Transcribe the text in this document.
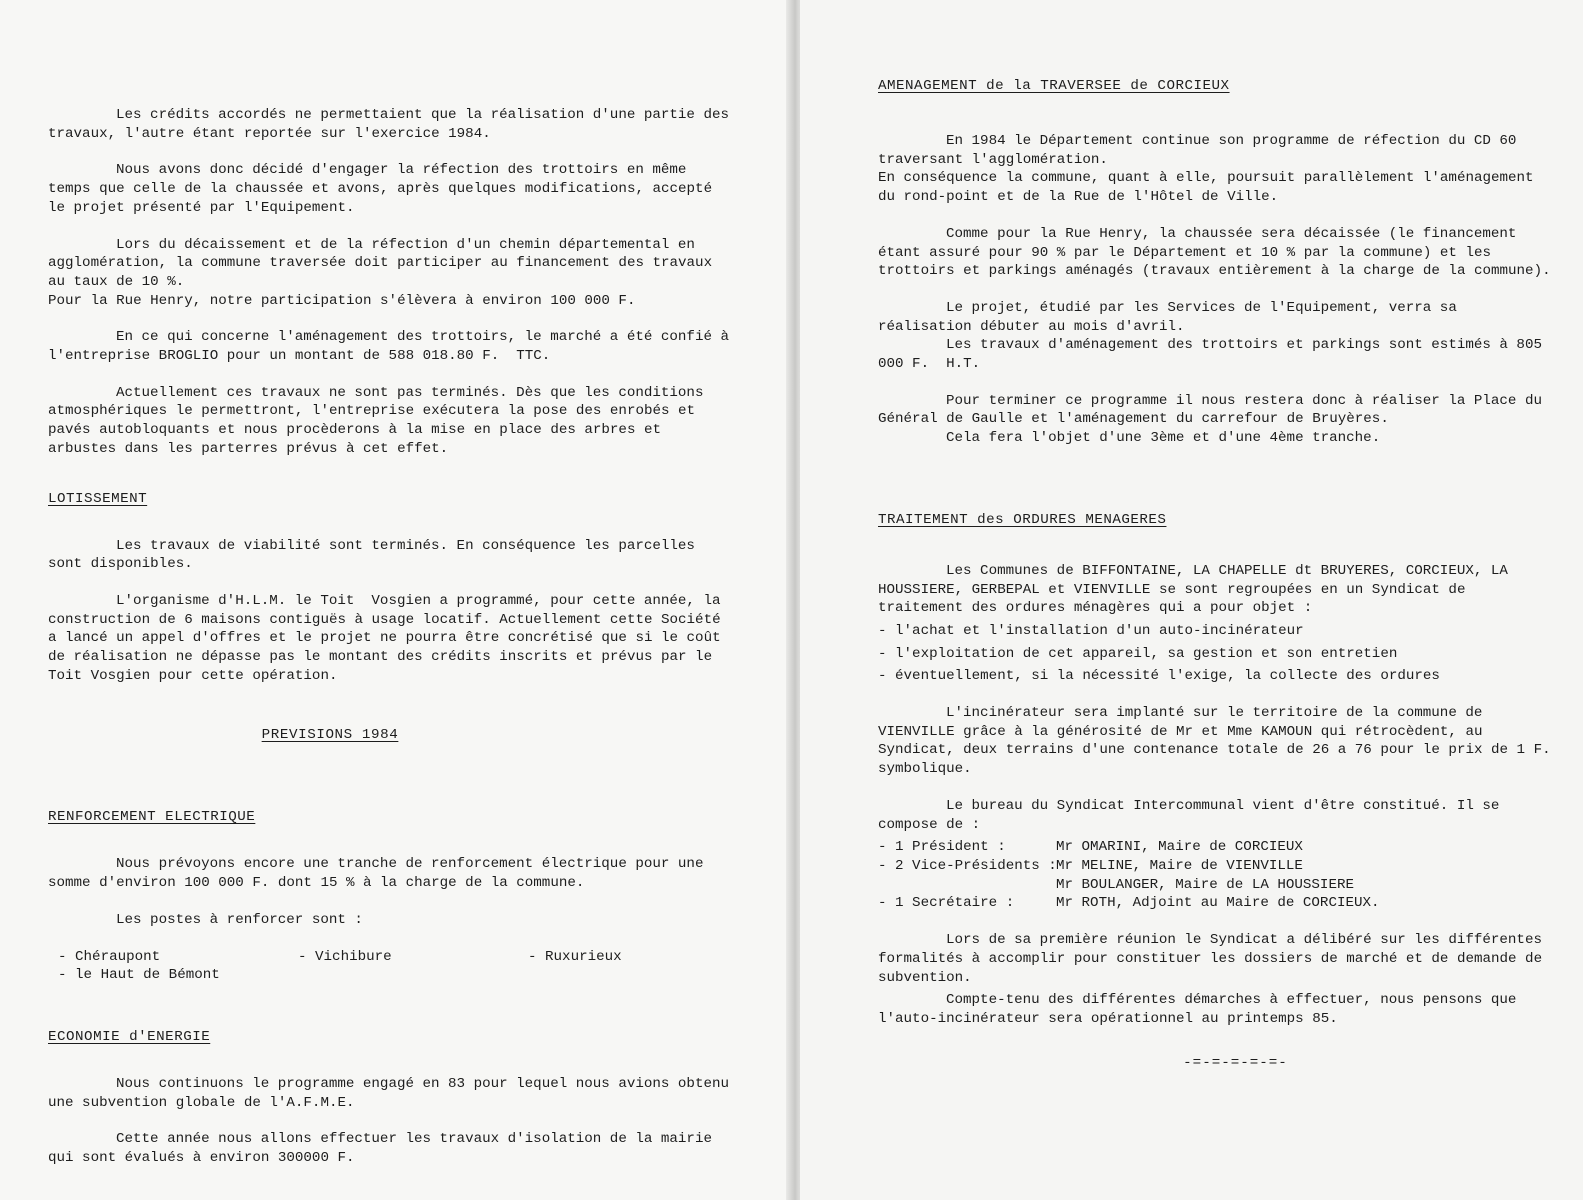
Les crédits accordés ne permettaient que la réalisation d'une partie des travaux, l'autre étant reportée sur l'exercice 1984.

Nous avons donc décidé d'engager la réfection des trottoirs en même temps que celle de la chaussée et avons, après quelques modifications, accepté le projet présenté par l'Equipement.

Lors du décaissement et de la réfection d'un chemin départemental en agglomération, la commune traversée doit participer au financement des travaux au taux de 10 %.

Pour la Rue Henry, notre participation s'élèvera à environ 100 000 F.

En ce qui concerne l'aménagement des trottoirs, le marché a été confié à l'entreprise BROGLIO pour un montant de 588 018.80 F.  TTC.

Actuellement ces travaux ne sont pas terminés. Dès que les conditions atmosphériques le permettront, l'entreprise exécutera la pose des enrobés et pavés autobloquants et nous procèderons à la mise en place des arbres et arbustes dans les parterres prévus à cet effet.

LOTISSEMENT

Les travaux de viabilité sont terminés. En conséquence les parcelles sont disponibles.

L'organisme d'H.L.M. le Toit  Vosgien a programmé, pour cette année, la construction de 6 maisons contiguës à usage locatif. Actuellement cette Société a lancé un appel d'offres et le projet ne pourra être concrétisé que si le coût de réalisation ne dépasse pas le montant des crédits inscrits et prévus par le Toit Vosgien pour cette opération.

PREVISIONS 1984
RENFORCEMENT ELECTRIQUE

Nous prévoyons encore une tranche de renforcement électrique pour une somme d'environ 100 000 F. dont 15 % à la charge de la commune.

Les postes à renforcer sont :

- Chéraupont	- Vichibure	- Ruxurieux
- le Haut de Bémont
ECONOMIE d'ENERGIE

Nous continuons le programme engagé en 83 pour lequel nous avions obtenu une subvention globale de l'A.F.M.E.

Cette année nous allons effectuer les travaux d'isolation de la mairie qui sont évalués à environ 300000 F.

AMENAGEMENT de la TRAVERSEE de CORCIEUX

En 1984 le Département continue son programme de réfection du CD 60 traversant l'agglomération.

En conséquence la commune, quant à elle, poursuit parallèlement l'aménagement du rond-point et de la Rue de l'Hôtel de Ville.

Comme pour la Rue Henry, la chaussée sera décaissée (le financement étant assuré pour 90 % par le Département et 10 % par la commune) et les trottoirs et parkings aménagés (travaux entièrement à la charge de la commune).

Le projet, étudié par les Services de l'Equipement, verra sa réalisation débuter au mois d'avril.

Les travaux d'aménagement des trottoirs et parkings sont estimés à 805 000 F.  H.T.

Pour terminer ce programme il nous restera donc à réaliser la Place du Général de Gaulle et l'aménagement du carrefour de Bruyères.

Cela fera l'objet d'une 3ème et d'une 4ème tranche.

TRAITEMENT des ORDURES MENAGERES

Les Communes de BIFFONTAINE, LA CHAPELLE dt BRUYERES, CORCIEUX, LA HOUSSIERE, GERBEPAL et VIENVILLE se sont regroupées en un Syndicat de traitement des ordures ménagères qui a pour objet :

- l'achat et l'installation d'un auto-incinérateur
- l'exploitation de cet appareil, sa gestion et son entretien
- éventuellement, si la nécessité l'exige, la collecte des ordures

L'incinérateur sera implanté sur le territoire de la commune de VIENVILLE grâce à la générosité de Mr et Mme KAMOUN qui rétrocèdent, au Syndicat, deux terrains d'une contenance totale de 26 a 76 pour le prix de 1 F. symbolique.

Le bureau du Syndicat Intercommunal vient d'être constitué. Il se compose de :

- 1 Président :	Mr OMARINI, Maire de CORCIEUX
- 2 Vice-Présidents : Mr MELINE, Maire de VIENVILLE
Mr BOULANGER, Maire de LA HOUSSIERE
- 1 Secrétaire :	Mr ROTH, Adjoint au Maire de CORCIEUX.

Lors de sa première réunion le Syndicat a délibéré sur les différentes formalités à accomplir pour constituer les dossiers de marché et de demande de subvention.

Compte-tenu des différentes démarches à effectuer, nous pensons que l'auto-incinérateur sera opérationnel au printemps 85.

-=-=-=-=-=-
